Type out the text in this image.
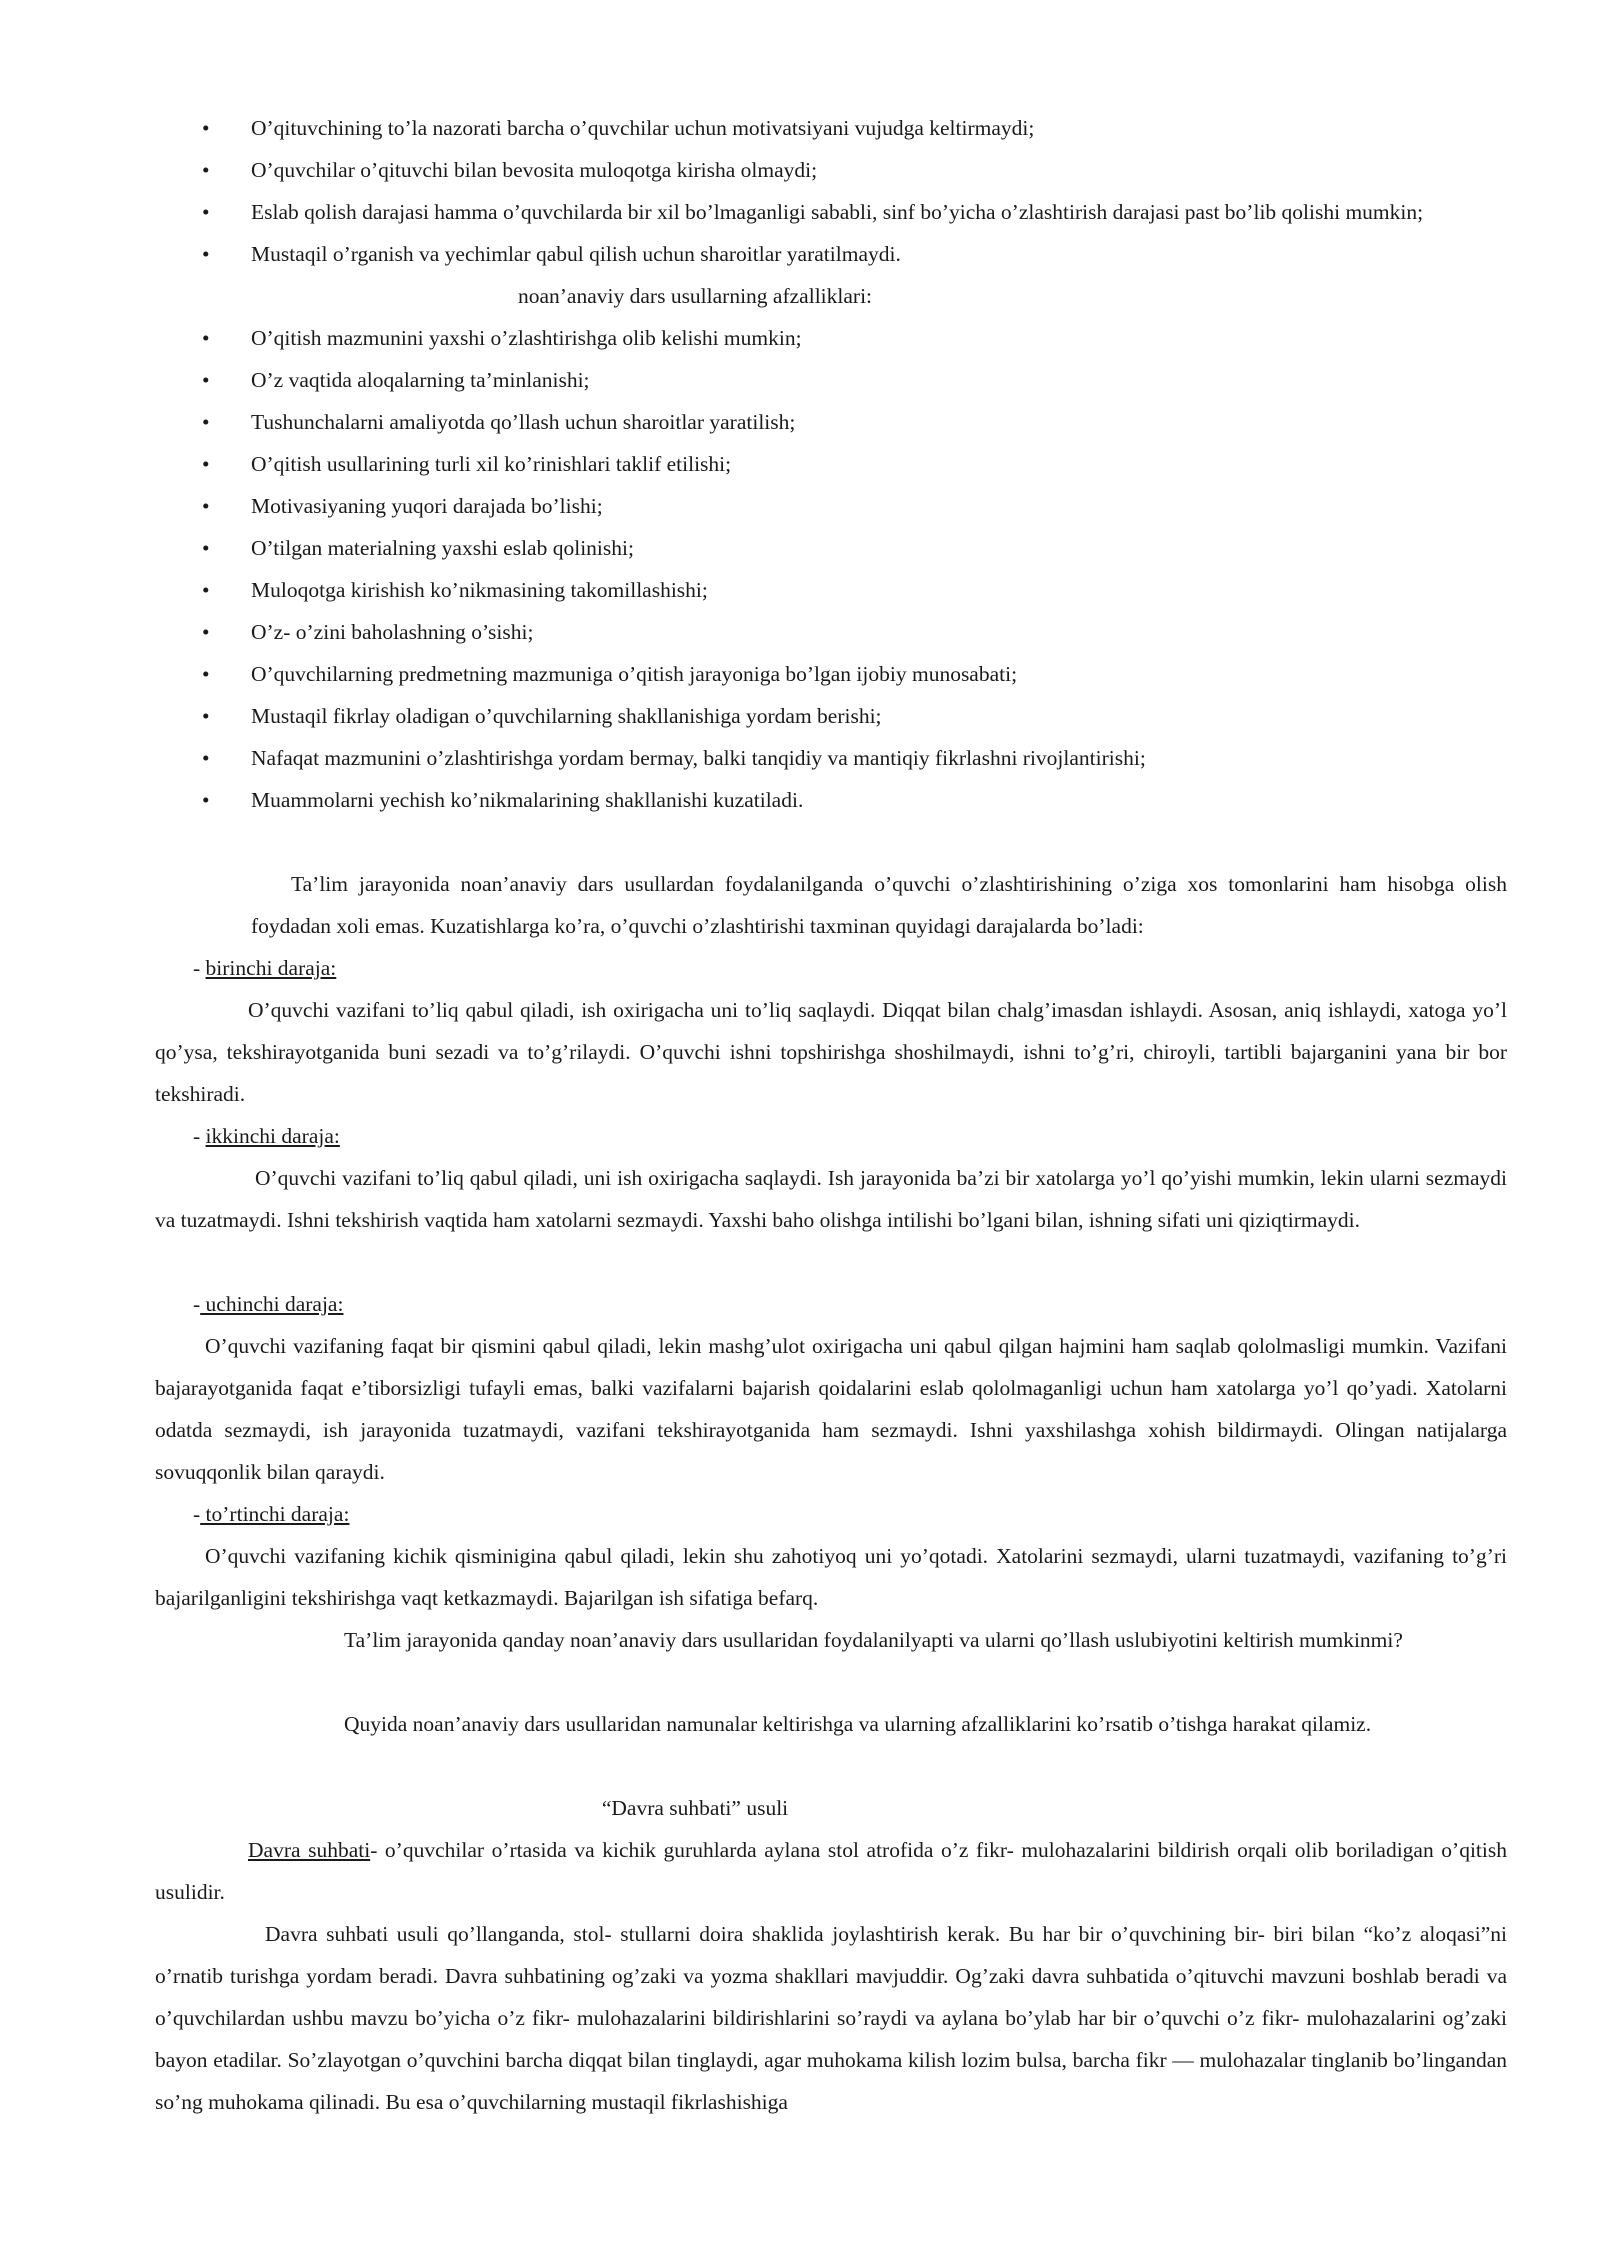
•	O’qituvchining to’la nazorati barcha o’quvchilar uchun motivatsiyani vujudga keltirmaydi;
•	O’quvchilar o’qituvchi bilan bevosita muloqotga kirisha olmaydi;
•	Eslab qolish darajasi hamma o’quvchilarda bir xil bo’lmaganligi sababli, sinf bo’yicha o’zlashtirish darajasi past bo’lib qolishi mumkin;
•	Mustaqil o’rganish va yechimlar qabul qilish uchun sharoitlar yaratilmaydi.
noan’anaviy dars usullarning afzalliklari:
•	O’qitish mazmunini yaxshi o’zlashtirishga olib kelishi mumkin;
•	O’z vaqtida aloqalarning ta’minlanishi;
•	Tushunchalarni amaliyotda qo’llash uchun sharoitlar yaratilish;
•	O’qitish usullarining turli xil ko’rinishlari taklif etilishi;
•	Motivasiyaning yuqori darajada bo’lishi;
•	O’tilgan materialning yaxshi eslab qolinishi;
•	Muloqotga kirishish ko’nikmasining takomillashishi;
•	O’z- o’zini baholashning o’sishi;
•	O’quvchilarning predmetning mazmuniga o’qitish jarayoniga bo’lgan ijobiy munosabati;
•	Mustaqil fikrlay oladigan o’quvchilarning shakllanishiga yordam berishi;
•	Nafaqat mazmunini o’zlashtirishga yordam bermay, balki tanqidiy va mantiqiy fikrlashni rivojlantirishi;
•	Muammolarni yechish ko’nikmalarining shakllanishi kuzatiladi.
Ta’lim jarayonida noan’anaviy dars usullardan foydalanilganda o’quvchi o’zlashtirishining o’ziga xos tomonlarini ham hisobga olish foydadan xoli emas. Kuzatishlarga ko’ra, o’quvchi o’zlashtirishi taxminan quyidagi darajalarda bo’ladi:
- birinchi daraja:
O’quvchi vazifani to’liq qabul qiladi, ish oxirigacha uni to’liq saqlaydi. Diqqat bilan chalg’imasdan ishlaydi. Asosan, aniq ishlaydi, xatoga yo’l qo’ysa, tekshirayotganida buni sezadi va to’g’rilaydi. O’quvchi ishni topshirishga shoshilmaydi, ishni to’g’ri, chiroyli, tartibli bajarganini yana bir bor tekshiradi.
- ikkinchi daraja:
O’quvchi vazifani to’liq qabul qiladi, uni ish oxirigacha saqlaydi. Ish jarayonida ba’zi bir xatolarga yo’l qo’yishi mumkin, lekin ularni sezmaydi va tuzatmaydi. Ishni tekshirish vaqtida ham xatolarni sezmaydi. Yaxshi baho olishga intilishi bo’lgani bilan, ishning sifati uni qiziqtirmaydi.
- uchinchi daraja:
O’quvchi vazifaning faqat bir qismini qabul qiladi, lekin mashg’ulot oxirigacha uni qabul qilgan hajmini ham saqlab qololmasligi mumkin. Vazifani bajarayotganida faqat e’tiborsizligi tufayli emas, balki vazifalarni bajarish qoidalarini eslab qololmaganligi uchun ham xatolarga yo’l qo’yadi. Xatolarni odatda sezmaydi, ish jarayonida tuzatmaydi, vazifani tekshirayotganida ham sezmaydi. Ishni yaxshilashga xohish bildirmaydi. Olingan natijalarga sovuqqonlik bilan qaraydi.
- to’rtinchi daraja:
O’quvchi vazifaning kichik qisminigina qabul qiladi, lekin shu zahotiyoq uni yo’qotadi. Xatolarini sezmaydi, ularni tuzatmaydi, vazifaning to’g’ri bajarilganligini tekshirishga vaqt ketkazmaydi. Bajarilgan ish sifatiga befarq.
Ta’lim jarayonida qanday noan’anaviy dars usullaridan foydalanilyapti va ularni qo’llash uslubiyotini keltirish mumkinmi?
Quyida noan’anaviy dars usullaridan namunalar keltirishga va ularning afzalliklarini ko’rsatib o’tishga harakat qilamiz.
“Davra suhbati” usuli
Davra suhbati- o’quvchilar o’rtasida va kichik guruhlarda aylana stol atrofida o’z fikr- mulohazalarini bildirish orqali olib boriladigan o’qitish usulidir.
Davra suhbati usuli qo’llanganda, stol- stullarni doira shaklida joylashtirish kerak. Bu har bir o’quvchining bir- biri bilan “ko’z aloqasi”ni o’rnatib turishga yordam beradi. Davra suhbatining og’zaki va yozma shakllari mavjuddir. Og’zaki davra suhbatida o’qituvchi mavzuni boshlab beradi va o’quvchilardan ushbu mavzu bo’yicha o’z fikr- mulohazalarini bildirishlarini so’raydi va aylana bo’ylab har bir o’quvchi o’z fikr- mulohazalarini og’zaki bayon etadilar. So’zlayotgan o’quvchini barcha diqqat bilan tinglaydi, agar muhokama kilish lozim bulsa, barcha fikr — mulohazalar tinglanib bo’lingandan so’ng muhokama qilinadi. Bu esa o’quvchilarning mustaqil fikrlashishiga
